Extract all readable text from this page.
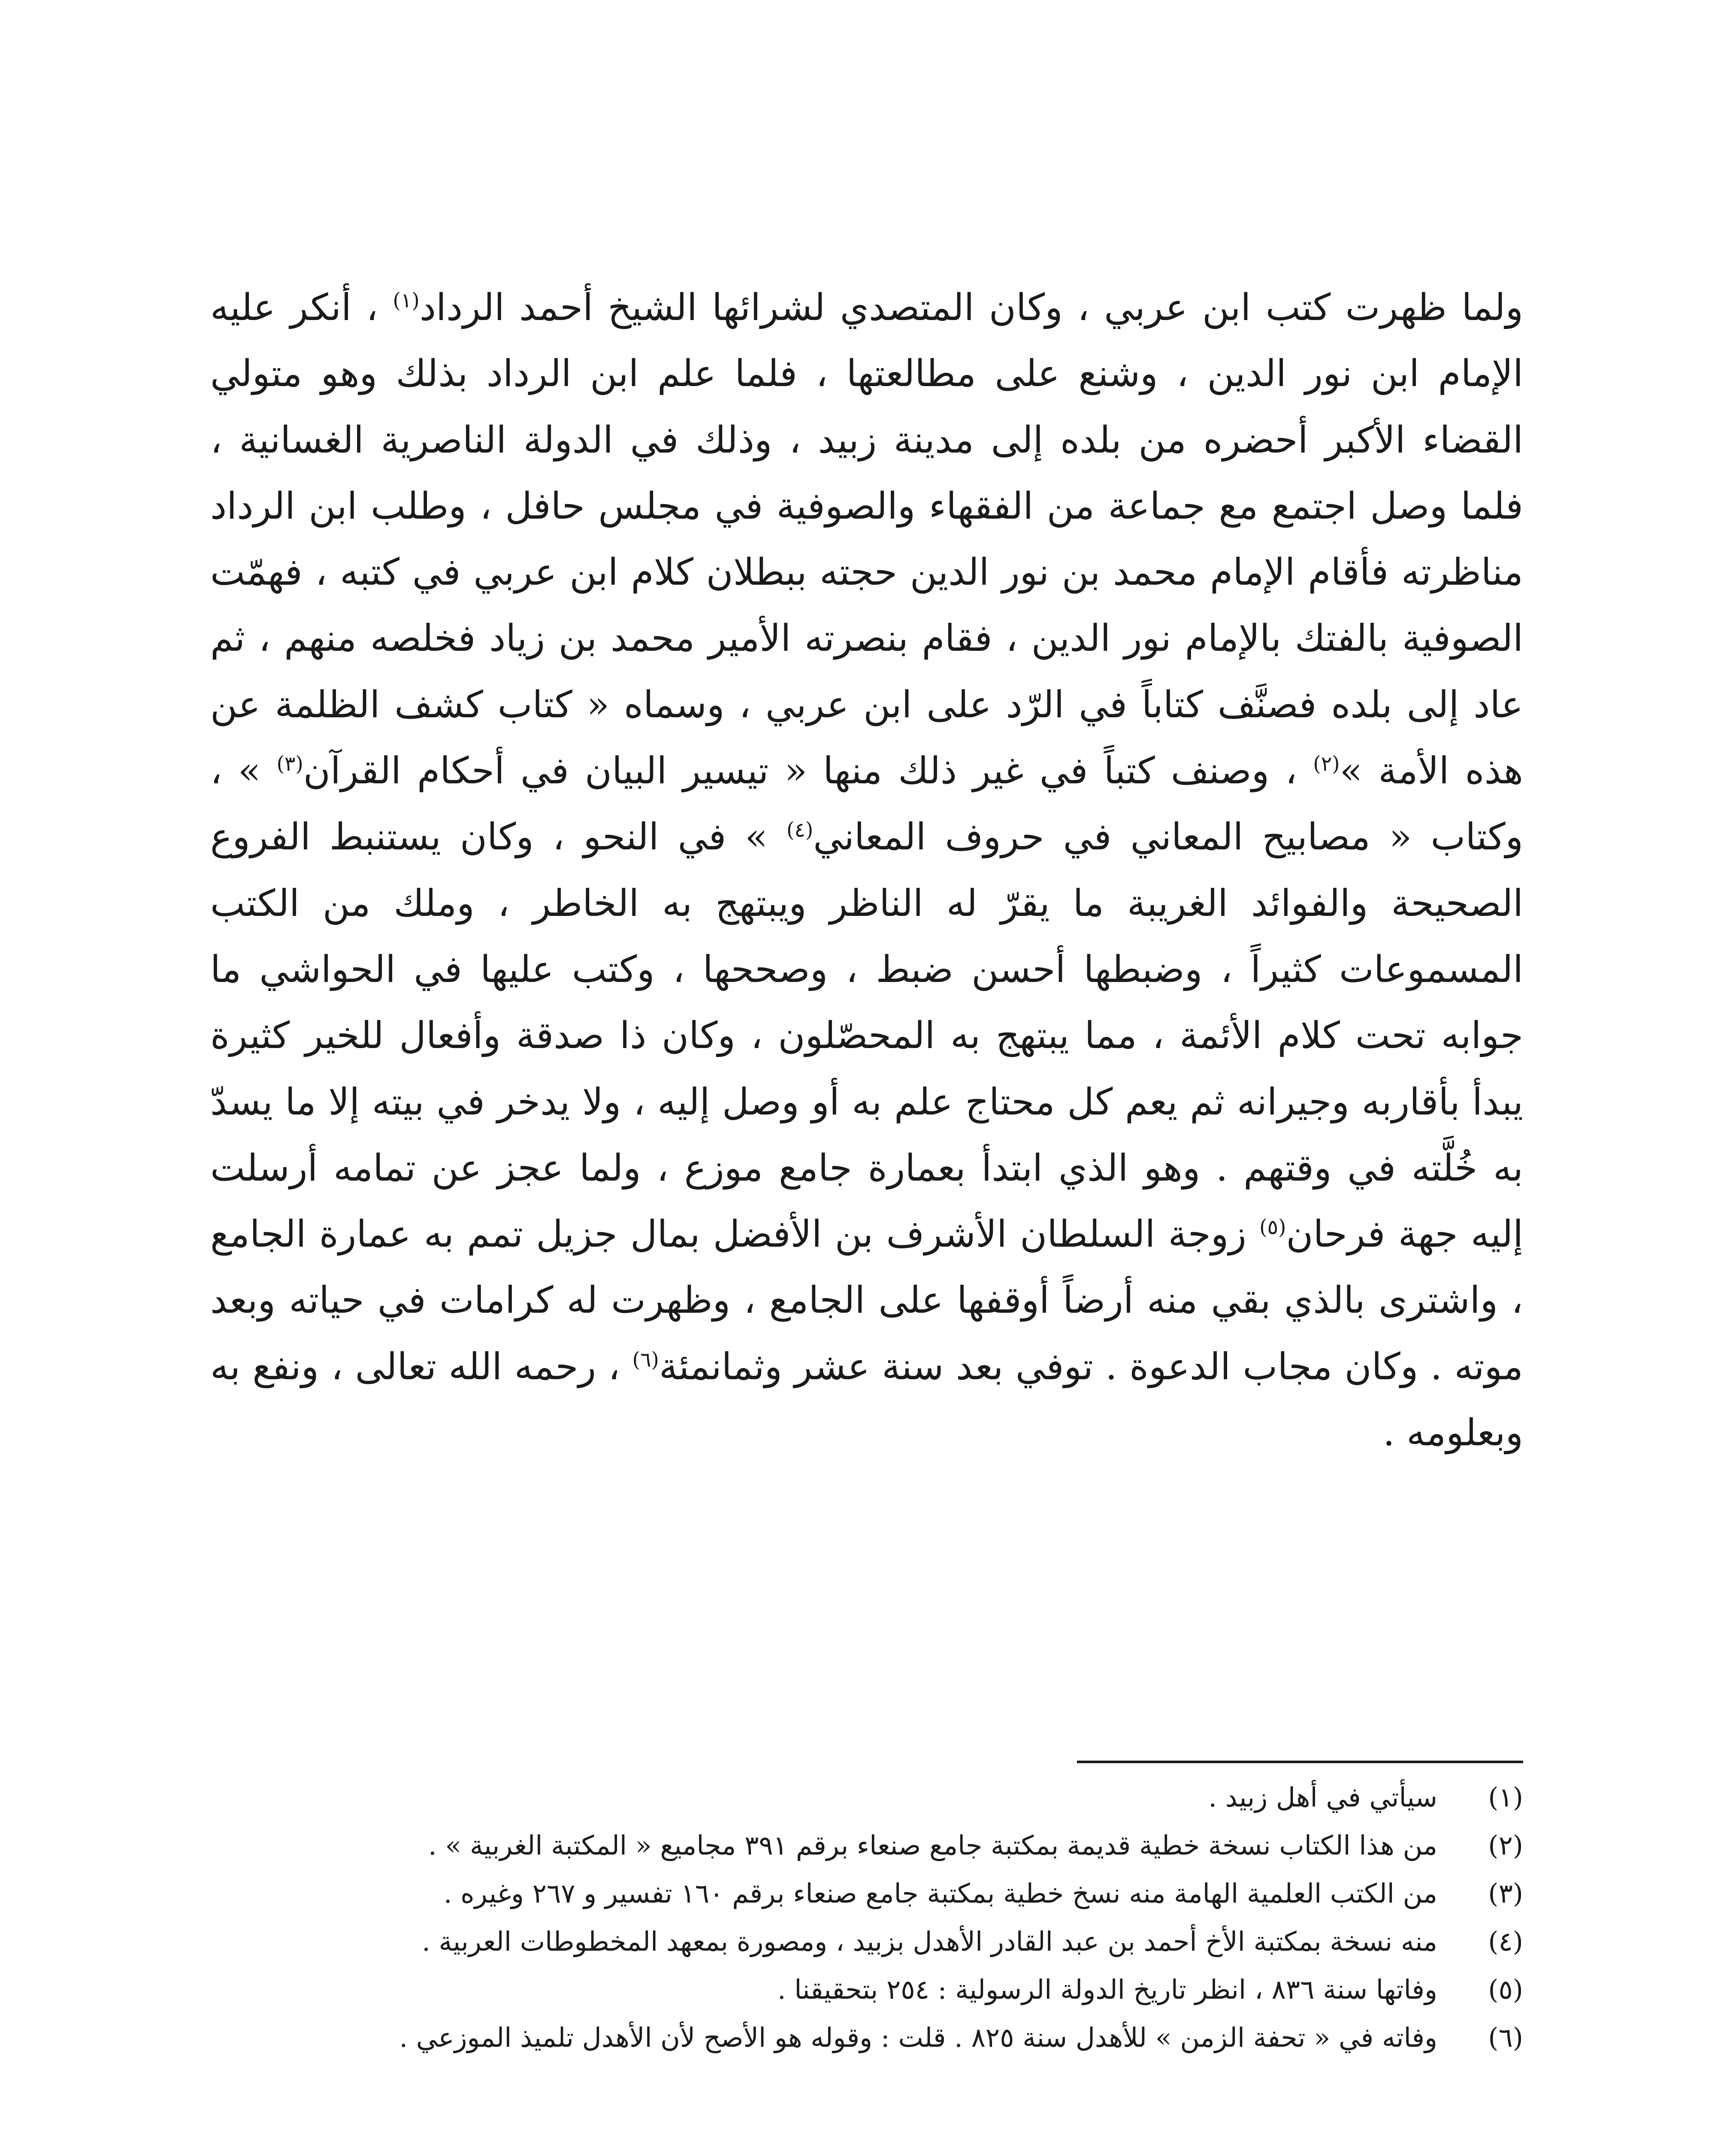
ولما ظهرت كتب ابن عربي ، وكان المتصدي لشرائها الشيخ أحمد الرداد$^{(١)}$ ، أنكر عليه الإمام ابن نور الدين ، وشنع على مطالعتها ، فلما علم ابن الرداد بذلك وهو متولي القضاء الأكبر أحضره من بلده إلى مدينة زبيد ، وذلك في الدولة الناصرية الغسانية ، فلما وصل اجتمع مع جماعة من الفقهاء والصوفية في مجلس حافل ، وطلب ابن الرداد مناظرته فأقام الإمام محمد بن نور الدين حجته ببطلان كلام ابن عربي في كتبه ، فهمّت الصوفية بالفتك بالإمام نور الدين ، فقام بنصرته الأمير محمد بن زياد فخلصه منهم ، ثم عاد إلى بلده فصنَّف كتاباً في الرّد على ابن عربي ، وسماه « كتاب كشف الظلمة عن هذه الأمة »$^{(٢)}$ ، وصنف كتباً في غير ذلك منها « تيسير البيان في أحكام القرآن$^{(٣)}$ » ، وكتاب « مصابيح المعاني في حروف المعاني$^{(٤)}$ » في النحو ، وكان يستنبط الفروع الصحيحة والفوائد الغريبة ما يقرّ له الناظر ويبتهج به الخاطر ، وملك من الكتب المسموعات كثيراً ، وضبطها أحسن ضبط ، وصححها ، وكتب عليها في الحواشي ما جوابه تحت كلام الأئمة ، مما يبتهج به المحصّلون ، وكان ذا صدقة وأفعال للخير كثيرة يبدأ بأقاربه وجيرانه ثم يعم كل محتاج علم به أو وصل إليه ، ولا يدخر في بيته إلا ما يسدّ به خُلَّته في وقتهم . وهو الذي ابتدأ بعمارة جامع موزع ، ولما عجز عن تمامه أرسلت إليه جهة فرحان$^{(٥)}$ زوجة السلطان الأشرف بن الأفضل بمال جزيل تمم به عمارة الجامع ، واشترى بالذي بقي منه أرضاً أوقفها على الجامع ، وظهرت له كرامات في حياته وبعد موته . وكان مجاب الدعوة . توفي بعد سنة عشر وثمانمئة$^{(٦)}$ ، رحمه الله تعالى ، ونفع به وبعلومه .

(١)
سيأتي في أهل زبيد .
(٢)
من هذا الكتاب نسخة خطية قديمة بمكتبة جامع صنعاء برقم ٣٩١ مجاميع « المكتبة الغربية » .
(٣)
من الكتب العلمية الهامة منه نسخ خطية بمكتبة جامع صنعاء برقم ١٦٠ تفسير و ٢٦٧ وغيره .
(٤)
منه نسخة بمكتبة الأخ أحمد بن عبد القادر الأهدل بزبيد ، ومصورة بمعهد المخطوطات العربية .
(٥)
وفاتها سنة ٨٣٦ ، انظر تاريخ الدولة الرسولية : ٢٥٤ بتحقيقنا .
(٦)
وفاته في « تحفة الزمن » للأهدل سنة ٨٢٥ . قلت : وقوله هو الأصح لأن الأهدل تلميذ الموزعي .
